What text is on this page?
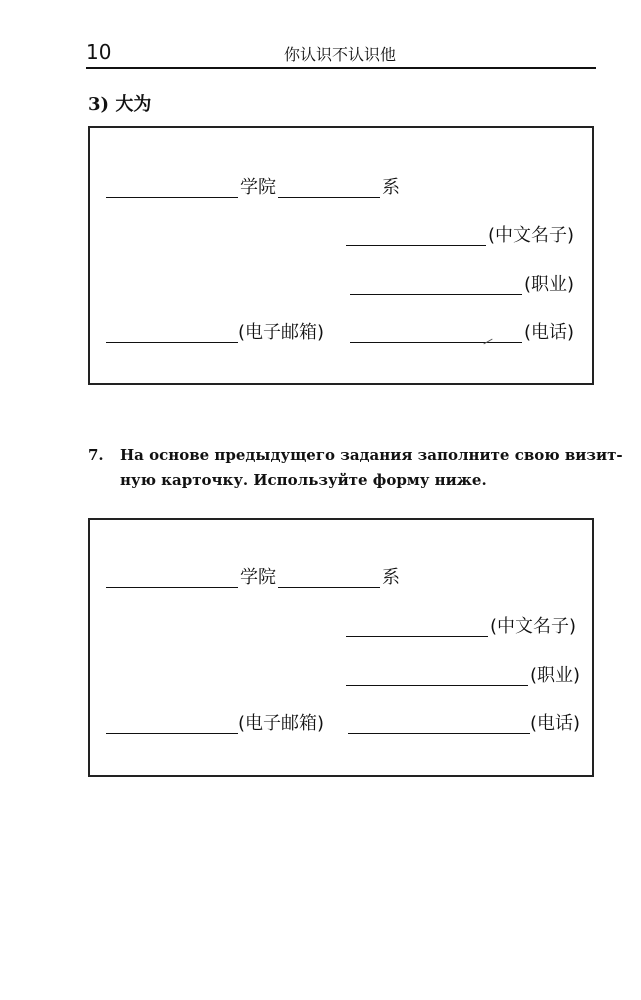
10	你认识不认识他
3) 大为
学院	系
(中文名子)
(职业)
(电子邮箱)	(电话)
7. На основе предыдущего задания заполните свою визит-
ную карточку. Используйте форму ниже.
学院	系
(中文名子)
(职业)
(电子邮箱)	(电话)
